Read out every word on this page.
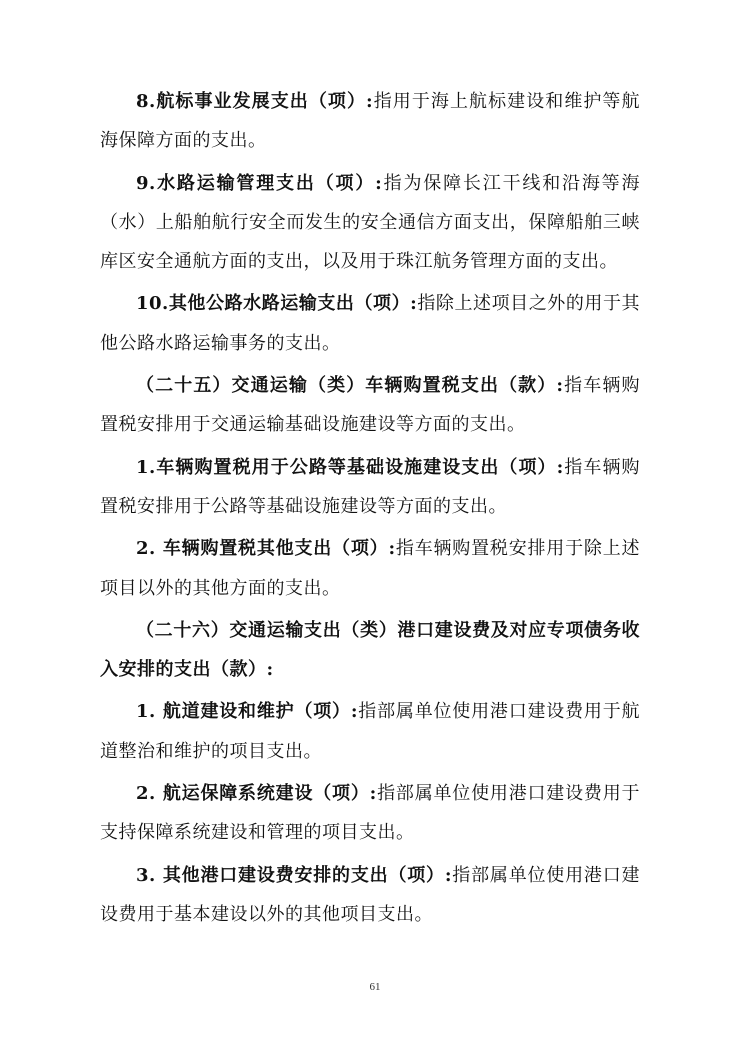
8.航标事业发展支出（项）:指用于海上航标建设和维护等航海保障方面的支出。

9.水路运输管理支出（项）:指为保障长江干线和沿海等海（水）上船舶航行安全而发生的安全通信方面支出，保障船舶三峡库区安全通航方面的支出，以及用于珠江航务管理方面的支出。

10.其他公路水路运输支出（项）:指除上述项目之外的用于其他公路水路运输事务的支出。

（二十五）交通运输（类）车辆购置税支出（款）:指车辆购置税安排用于交通运输基础设施建设等方面的支出。

1.车辆购置税用于公路等基础设施建设支出（项）:指车辆购置税安排用于公路等基础设施建设等方面的支出。

2. 车辆购置税其他支出（项）:指车辆购置税安排用于除上述项目以外的其他方面的支出。

（二十六）交通运输支出（类）港口建设费及对应专项债务收入安排的支出（款）:

1. 航道建设和维护（项）:指部属单位使用港口建设费用于航道整治和维护的项目支出。

2. 航运保障系统建设（项）:指部属单位使用港口建设费用于支持保障系统建设和管理的项目支出。

3. 其他港口建设费安排的支出（项）:指部属单位使用港口建设费用于基本建设以外的其他项目支出。

61
